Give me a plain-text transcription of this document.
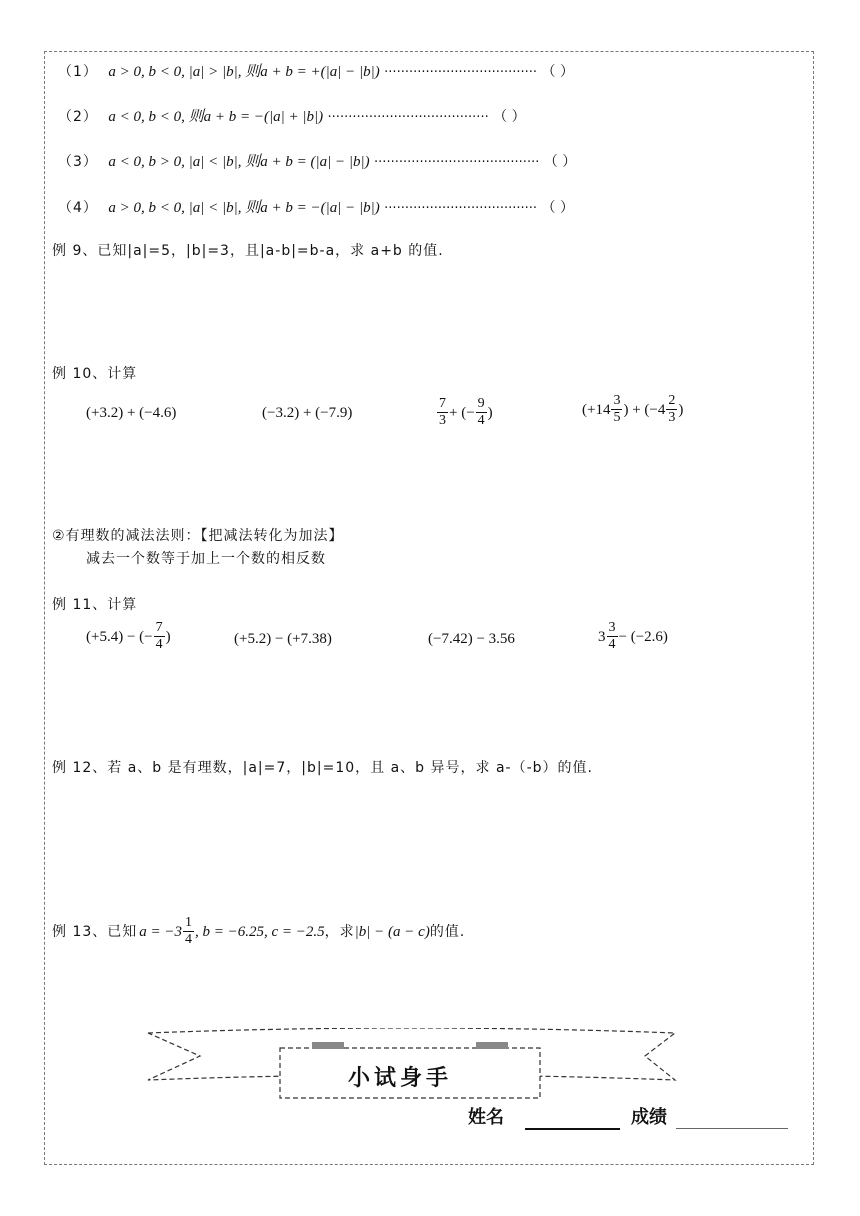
（1） a > 0, b < 0, |a| > |b|, 则a + b = +(|a| − |b|) ····································· （ ）
（2） a < 0, b < 0, 则a + b = −(|a| + |b|) ······································· （ ）
（3） a < 0, b > 0, |a| < |b|, 则a + b = (|a| − |b|) ········································ （ ）
（4） a > 0, b < 0, |a| < |b|, 则a + b = −(|a| − |b|) ····································· （ ）
例 9、已知|a|=5，|b|=3，且|a-b|=b-a，求 a+b 的值.
例 10、计算
(+3.2) + (−4.6)	(−3.2) + (−7.9)	$\frac{7}{3}$ + (− $\frac{9}{4}$ )	($+14 \frac{3}{5}$ ) + ($-4 \frac{2}{3}$ )
②有理数的减法法则：【把减法转化为加法】
减去一个数等于加上一个数的相反数
例 11、计算
(+5.4) − (− $\frac{7}{4}$ )	(+5.2) − (+7.38)	(−7.42) − 3.56	$3 \frac{3}{4} - (-2.6)$
例 12、若 a、b 是有理数，|a|=7，|b|=10，且 a、b 异号，求 a-（-b）的值.
例 13、已知 $a = -3 \frac{1}{4}$ , b = −6.25, c = −2.5 ，求 |b| − (a − c) 的值.
小试身手
姓名	成绩
